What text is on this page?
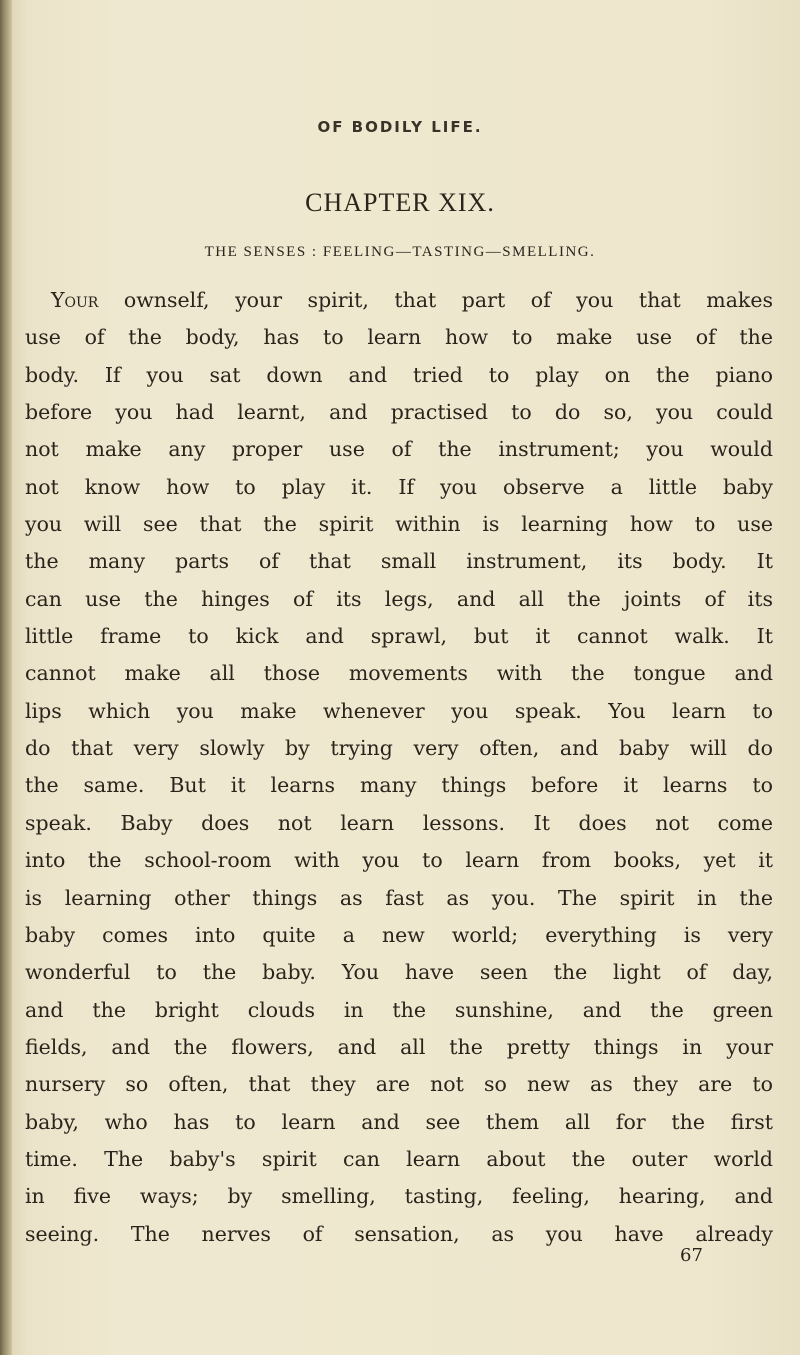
OF BODILY LIFE.
CHAPTER XIX.
THE SENSES : FEELING—TASTING—SMELLING.
Your ownself, your spirit, that part of you that makes
use of the body, has to learn how to make use of the
body. If you sat down and tried to play on the piano
before you had learnt, and practised to do so, you could
not make any proper use of the instrument; you would
not know how to play it. If you observe a little baby
you will see that the spirit within is learning how to use
the many parts of that small instrument, its body. It
can use the hinges of its legs, and all the joints of its
little frame to kick and sprawl, but it cannot walk. It
cannot make all those movements with the tongue and
lips which you make whenever you speak. You learn to
do that very slowly by trying very often, and baby will do
the same. But it learns many things before it learns to
speak. Baby does not learn lessons. It does not come
into the school-room with you to learn from books, yet it
is learning other things as fast as you. The spirit in the
baby comes into quite a new world; everything is very
wonderful to the baby. You have seen the light of day,
and the bright clouds in the sunshine, and the green
fields, and the flowers, and all the pretty things in your
nursery so often, that they are not so new as they are to
baby, who has to learn and see them all for the first
time. The baby's spirit can learn about the outer world
in five ways; by smelling, tasting, feeling, hearing, and
seeing. The nerves of sensation, as you have already
67
